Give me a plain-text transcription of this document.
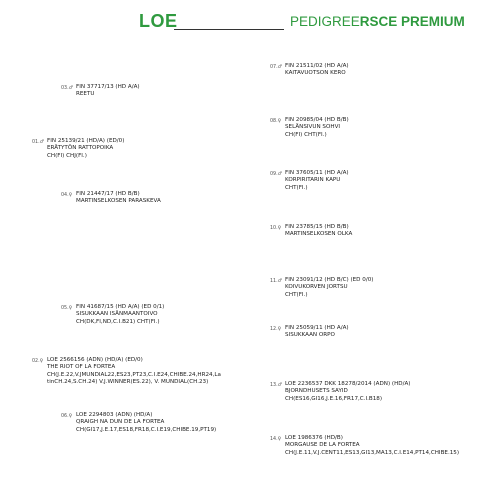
LOE	PEDIGREERSCE PREMIUM
03.♂ FIN 37717/13 (HD A/A)
REETU
01.♂ FIN 25139/21 (HD/A) (ED/0)
ERÄTYTÖN RATTOPOIKA
CH(FI) CHJ(FI.)
04.♀ FIN 21447/17 (HD B/B)
MARTINSELKOSEN PARASKEVA
05.♀ FIN 41687/15 (HD A/A) (ED 0/1)
SISUKKAAN ISÄNMAANTOIVO
CH(DK,FI,ND,C.I.B21) CHT(FI.)
02.♀ LOE 2566156 (ADN) (HD/A) (ED/0)
THE RIOT OF LA FORTEA
CH(J.E.22,V.JMUNDIAL22,ES23,PT23,C.I.E24,CHIBE.24,HR24,La
tinCH.24,S.CH.24) V.J.WINNER(ES.22), V. MUNDIAL(CH.23)
06.♀ LOE 2294803 (ADN) (HD/A)
QRAIGH NA DUN DE LA FORTEA
CH(GI17,J.E.17,ES18,FR18,C.I.E19,CHIBE.19,PT19)
07.♂ FIN 21511/02 (HD A/A)
KAITAVUOTSON KERO
08.♀ FIN 20985/04 (HD B/B)
SELÄNSIVUN SOHVI
CH(FI) CHT(FI.)
09.♂ FIN 37605/11 (HD A/A)
KORPIRITARIN KAPU
CHT(FI.)
10.♀ FIN 23785/15 (HD B/B)
MARTINSELKOSEN OLKA
11.♂ FIN 23091/12 (HD B/C) (ED 0/0)
KOIVUKORVEN JORTSU
CHT(FI.)
12.♀ FIN 25059/11 (HD A/A)
SISUKKAAN ORPO
13.♂ LOE 2236537 DKK 18278/2014 (ADN) (HD/A)
BJORNDHUSETS SAYID
CH(ES16,GI16,J.E.16,FR17,C.I.B18)
14.♀ LOE 1986376 (HD/B)
MORGAUSE DE LA FORTEA
CH(J.E.11,V.J.CENT11,ES13,GI13,MA13,C.I.E14,PT14,CHIBE.15)
